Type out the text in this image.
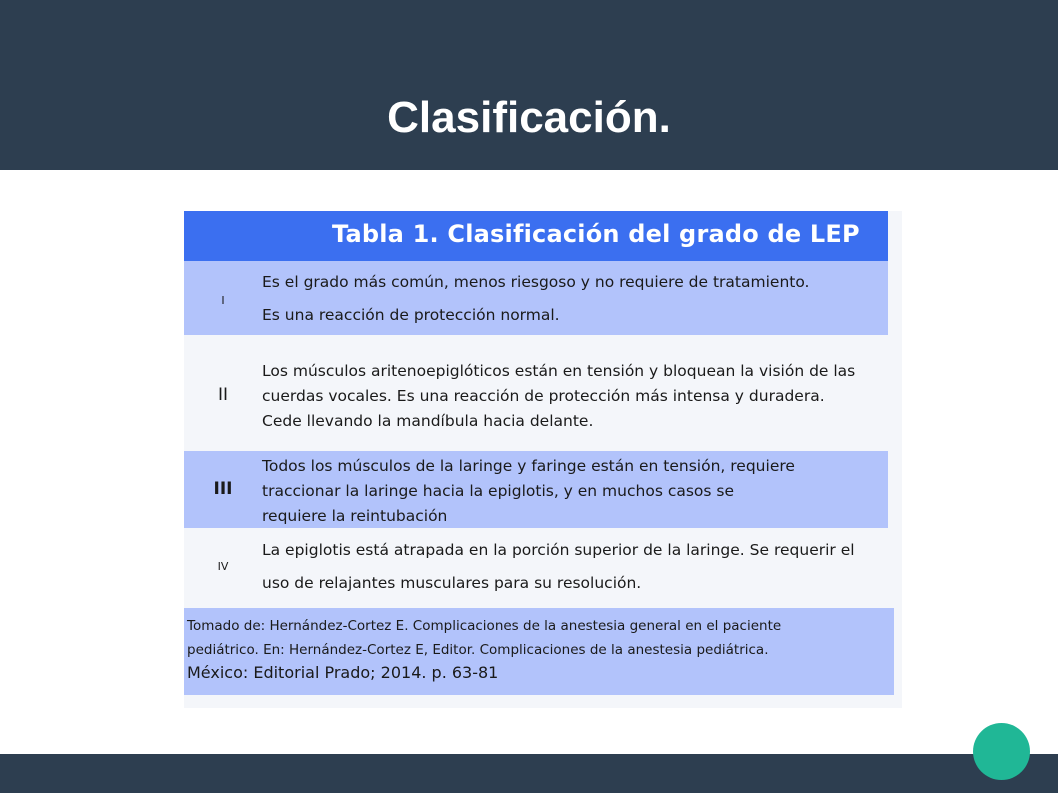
Clasificación.
Tabla 1. Clasificación del grado de LEP
I
Es el grado más común, menos riesgoso y no requiere de tratamiento.
Es una reacción de protección normal.
II
Los músculos aritenoepiglóticos están en tensión y bloquean la visión de las
cuerdas vocales. Es una reacción de protección más intensa y duradera.
Cede llevando la mandíbula hacia delante.
III
Todos los músculos de la laringe y faringe están en tensión, requiere
traccionar la laringe hacia la epiglotis, y en muchos casos se
requiere la reintubación
IV
La epiglotis está atrapada en la porción superior de la laringe. Se requerir el
uso de relajantes musculares para su resolución.
Tomado de: Hernández-Cortez E. Complicaciones de la anestesia general en el paciente
pediátrico. En: Hernández-Cortez E, Editor. Complicaciones de la anestesia pediátrica.
México: Editorial Prado; 2014. p. 63-81
